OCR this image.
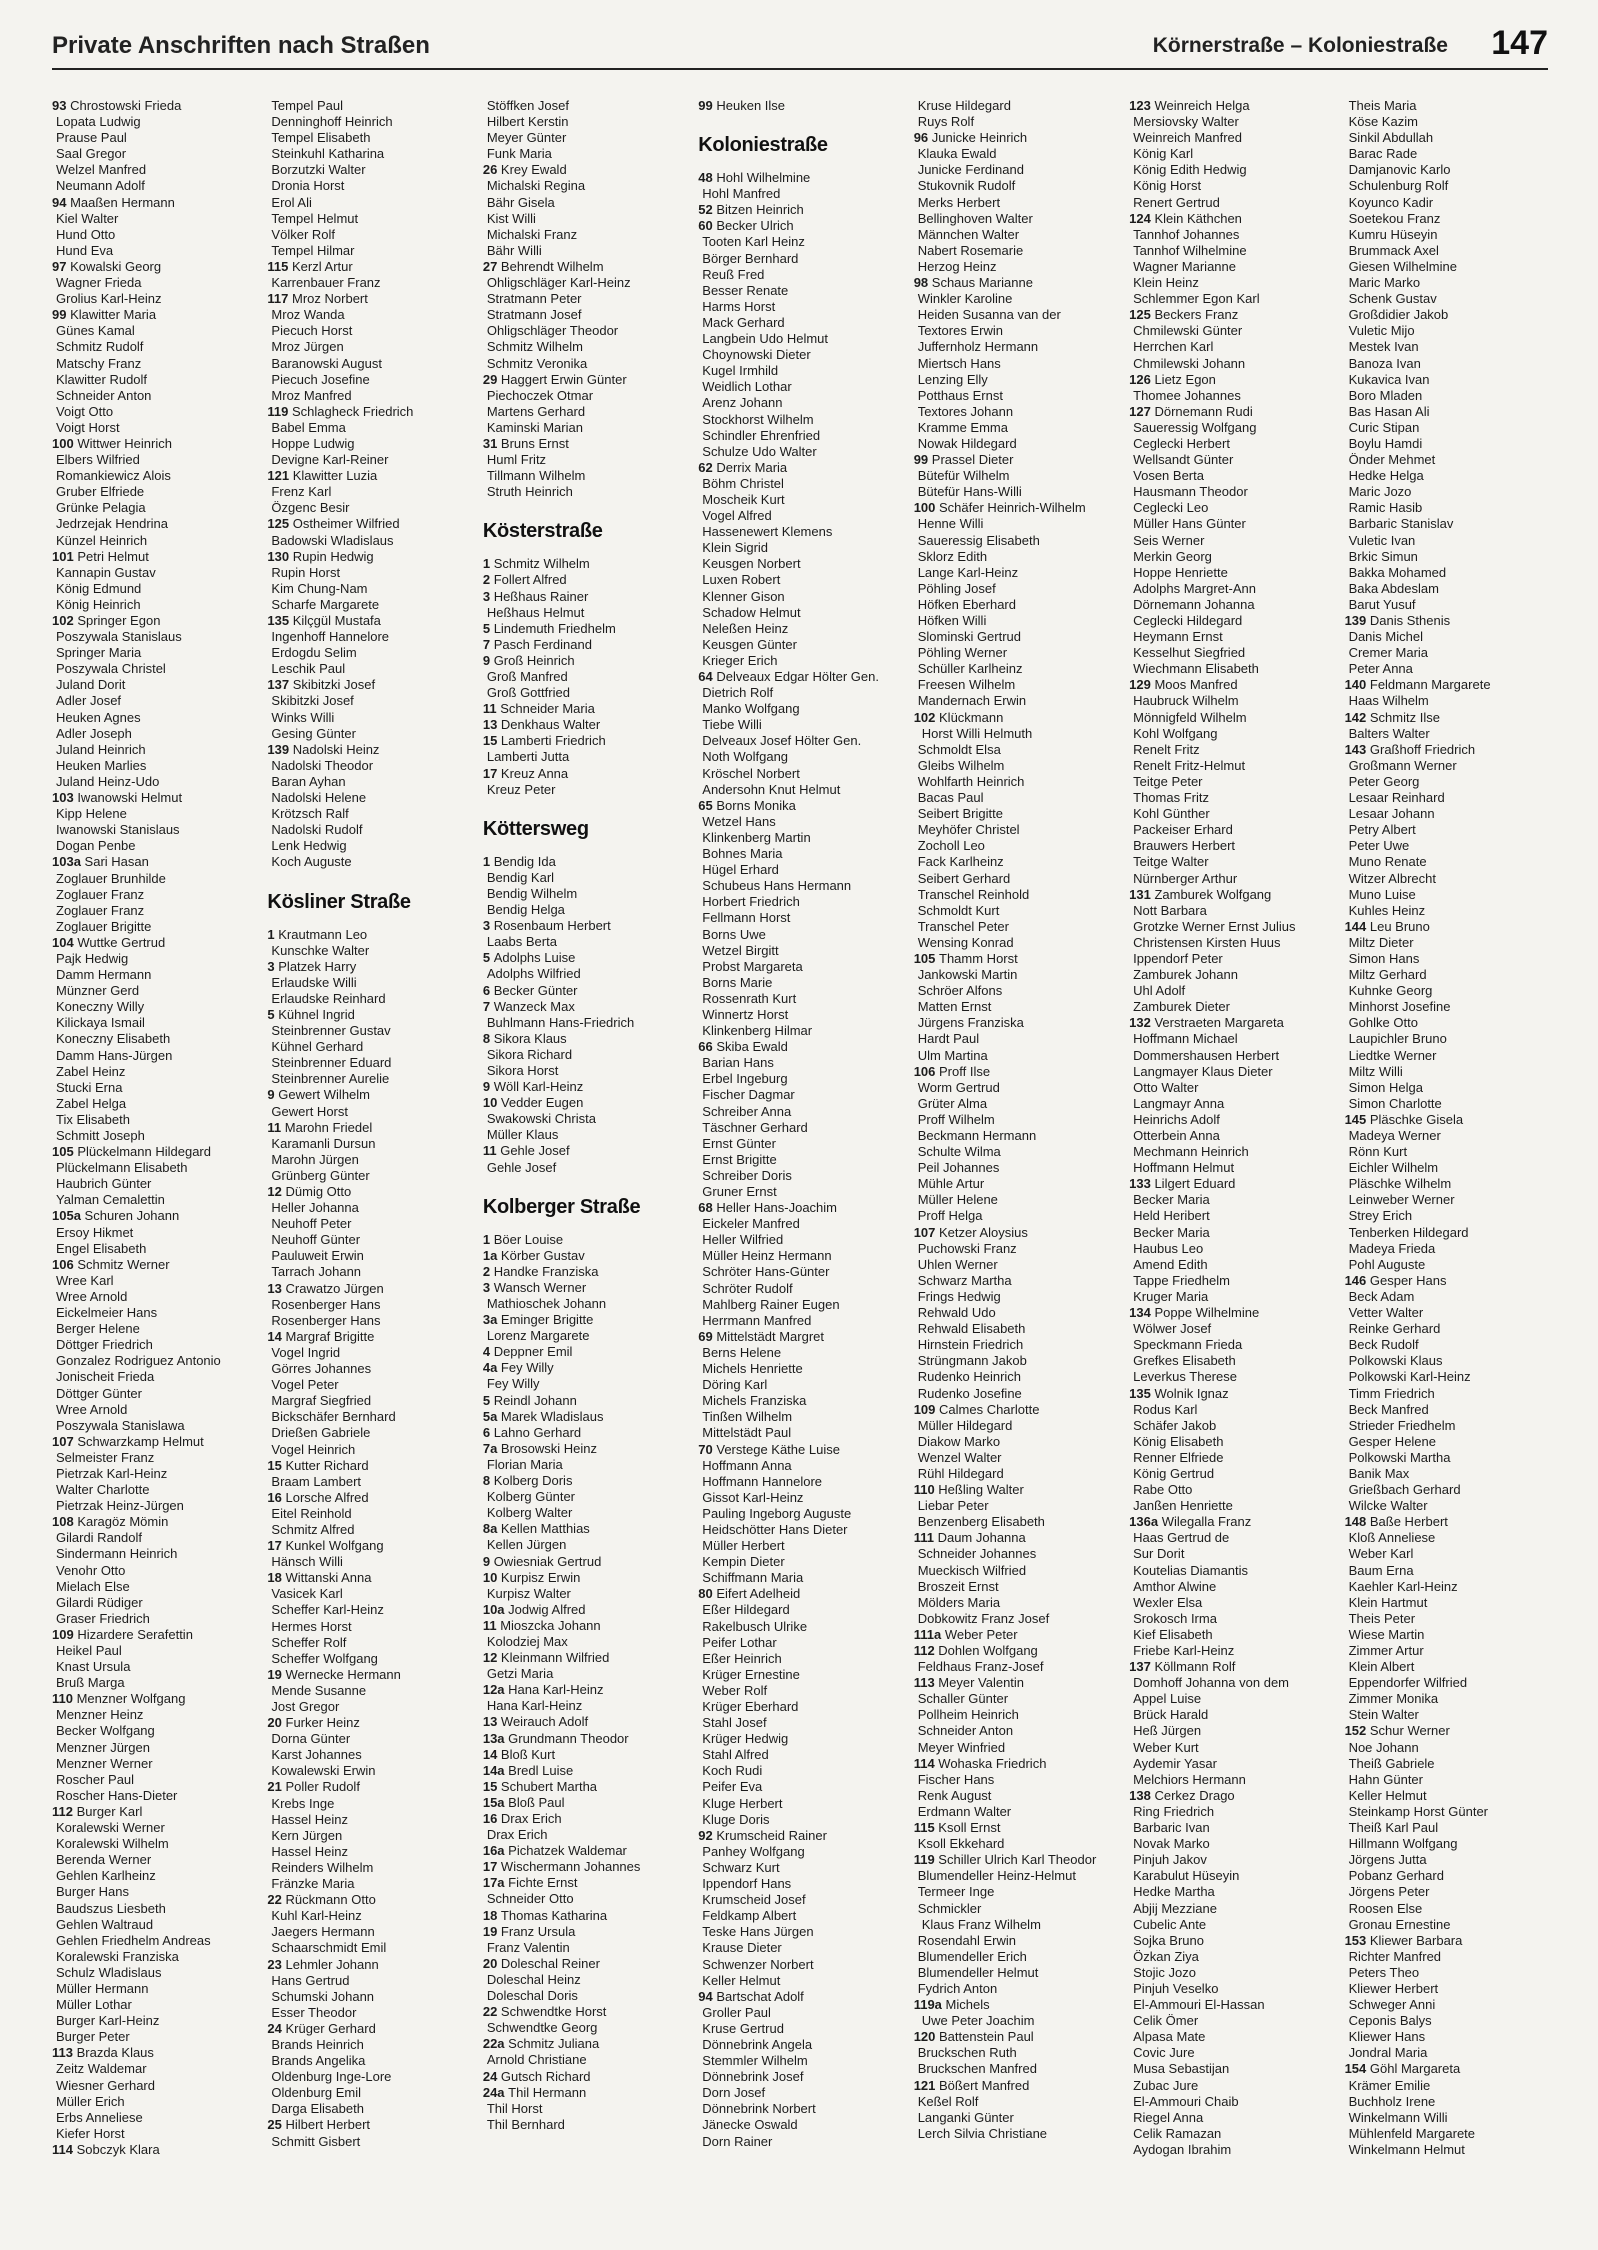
Private Anschriften nach Straßen	Körnerstraße – Koloniestraße 147
93 Chrostowski Frieda
Lopata Ludwig
Prause Paul
Saal Gregor
Welzel Manfred
Neumann Adolf
94 Maaßen Hermann
Kiel Walter
Hund Otto
Hund Eva
97 Kowalski Georg
Wagner Frieda
Grolius Karl-Heinz
99 Klawitter Maria
Günes Kamal
Schmitz Rudolf
Matschy Franz
Klawitter Rudolf
Schneider Anton
Voigt Otto
Voigt Horst
100 Wittwer Heinrich
Elbers Wilfried
Romankiewicz Alois
Gruber Elfriede
Grünke Pelagia
Jedrzejak Hendrina
Künzel Heinrich
101 Petri Helmut
Kannapin Gustav
König Edmund
König Heinrich
102 Springer Egon
Poszywala Stanislaus
Springer Maria
Poszywala Christel
Juland Dorit
Adler Josef
Heuken Agnes
Adler Joseph
Juland Heinrich
Heuken Marlies
Juland Heinz-Udo
103 Iwanowski Helmut
Kipp Helene
Iwanowski Stanislaus
Dogan Penbe
103a Sari Hasan
Zoglauer Brunhilde
Zoglauer Franz
Zoglauer Franz
Zoglauer Brigitte
104 Wuttke Gertrud
Pajk Hedwig
Damm Hermann
Münzner Gerd
Koneczny Willy
Kilickaya Ismail
Koneczny Elisabeth
Damm Hans-Jürgen
Zabel Heinz
Stucki Erna
Zabel Helga
Tix Elisabeth
Schmitt Joseph
105 Plückelmann Hildegard
Plückelmann Elisabeth
Haubrich Günter
Yalman Cemalettin
105a Schuren Johann
Ersoy Hikmet
Engel Elisabeth
106 Schmitz Werner
Wree Karl
Wree Arnold
Eickelmeier Hans
Berger Helene
Döttger Friedrich
Gonzalez Rodriguez Antonio
Jonischeit Frieda
Döttger Günter
Wree Arnold
Poszywala Stanislawa
107 Schwarzkamp Helmut
Selmeister Franz
Pietrzak Karl-Heinz
Walter Charlotte
Pietrzak Heinz-Jürgen
108 Karagöz Mömin
Gilardi Randolf
Sindermann Heinrich
Venohr Otto
Mielach Else
Gilardi Rüdiger
Graser Friedrich
109 Hizardere Serafettin
Heikel Paul
Knast Ursula
Bruß Marga
110 Menzner Wolfgang
Menzner Heinz
Becker Wolfgang
Menzner Jürgen
Menzner Werner
Roscher Paul
Roscher Hans-Dieter
112 Burger Karl
Koralewski Werner
Koralewski Wilhelm
Berenda Werner
Gehlen Karlheinz
Burger Hans
Baudszus Liesbeth
Gehlen Waltraud
Gehlen Friedhelm Andreas
Koralewski Franziska
Schulz Wladislaus
Müller Hermann
Müller Lothar
Burger Karl-Heinz
Burger Peter
113 Brazda Klaus
Zeitz Waldemar
Wiesner Gerhard
Müller Erich
Erbs Anneliese
Kiefer Horst
114 Sobczyk Klara
Tempel Paul
Denninghoff Heinrich
Tempel Elisabeth
Steinkuhl Katharina
Borzutzki Walter
Dronia Horst
Erol Ali
Tempel Helmut
Völker Rolf
Tempel Hilmar
115 Kerzl Artur
Karrenbauer Franz
117 Mroz Norbert
Mroz Wanda
Piecuch Horst
Mroz Jürgen
Baranowski August
Piecuch Josefine
Mroz Manfred
119 Schlagheck Friedrich
Babel Emma
Hoppe Ludwig
Devigne Karl-Reiner
121 Klawitter Luzia
Frenz Karl
Özgenc Besir
125 Ostheimer Wilfried
Badowski Wladislaus
130 Rupin Hedwig
Rupin Horst
Kim Chung-Nam
Scharfe Margarete
135 Kilçgül Mustafa
Ingenhoff Hannelore
Erdogdu Selim
Leschik Paul
137 Skibitzki Josef
Skibitzki Josef
Winks Willi
Gesing Günter
139 Nadolski Heinz
Nadolski Theodor
Baran Ayhan
Nadolski Helene
Krötzsch Ralf
Nadolski Rudolf
Lenk Hedwig
Koch Auguste
Kösliner Straße
1 Krautmann Leo
Kunschke Walter
3 Platzek Harry
Erlaudske Willi
Erlaudske Reinhard
5 Kühnel Ingrid
Steinbrenner Gustav
Kühnel Gerhard
Steinbrenner Eduard
Steinbrenner Aurelie
9 Gewert Wilhelm
Gewert Horst
11 Marohn Friedel
Karamanli Dursun
Marohn Jürgen
Grünberg Günter
12 Dümig Otto
Heller Johanna
Neuhoff Peter
Neuhoff Günter
Pauluweit Erwin
Tarrach Johann
13 Crawatzo Jürgen
Rosenberger Hans
Rosenberger Hans
14 Margraf Brigitte
Vogel Ingrid
Görres Johannes
Vogel Peter
Margraf Siegfried
Bickschäfer Bernhard
Drießen Gabriele
Vogel Heinrich
15 Kutter Richard
Braam Lambert
16 Lorsche Alfred
Eitel Reinhold
Schmitz Alfred
17 Kunkel Wolfgang
Hänsch Willi
18 Wittanski Anna
Vasicek Karl
Scheffer Karl-Heinz
Hermes Horst
Scheffer Rolf
Scheffer Wolfgang
19 Wernecke Hermann
Mende Susanne
Jost Gregor
20 Furker Heinz
Dorna Günter
Karst Johannes
Kowalewski Erwin
21 Poller Rudolf
Krebs Inge
Hassel Heinz
Kern Jürgen
Hassel Heinz
Reinders Wilhelm
Fränzke Maria
22 Rückmann Otto
Kuhl Karl-Heinz
Jaegers Hermann
Schaarschmidt Emil
23 Lehmler Johann
Hans Gertrud
Schumski Johann
Esser Theodor
24 Krüger Gerhard
Brands Heinrich
Brands Angelika
Oldenburg Inge-Lore
Oldenburg Emil
Darga Elisabeth
25 Hilbert Herbert
Schmitt Gisbert
Stöffken Josef
Hilbert Kerstin
Meyer Günter
Funk Maria
26 Krey Ewald
Michalski Regina
Bähr Gisela
Kist Willi
Michalski Franz
Bähr Willi
27 Behrendt Wilhelm
Ohligschläger Karl-Heinz
Stratmann Peter
Stratmann Josef
Ohligschläger Theodor
Schmitz Wilhelm
Schmitz Veronika
29 Haggert Erwin Günter
Piechoczek Otmar
Martens Gerhard
Kaminski Marian
31 Bruns Ernst
Huml Fritz
Tillmann Wilhelm
Struth Heinrich
Kösterstraße
1 Schmitz Wilhelm
2 Follert Alfred
3 Heßhaus Rainer
Heßhaus Helmut
5 Lindemuth Friedhelm
7 Pasch Ferdinand
9 Groß Heinrich
Groß Manfred
Groß Gottfried
11 Schneider Maria
13 Denkhaus Walter
15 Lamberti Friedrich
Lamberti Jutta
17 Kreuz Anna
Kreuz Peter
Köttersweg
1 Bendig Ida
Bendig Karl
Bendig Wilhelm
Bendig Helga
3 Rosenbaum Herbert
Laabs Berta
5 Adolphs Luise
Adolphs Wilfried
6 Becker Günter
7 Wanzeck Max
Buhlmann Hans-Friedrich
8 Sikora Klaus
Sikora Richard
Sikora Horst
9 Wöll Karl-Heinz
10 Vedder Eugen
Swakowski Christa
Müller Klaus
11 Gehle Josef
Gehle Josef
Kolberger Straße
1 Böer Louise
1a Körber Gustav
2 Handke Franziska
3 Wansch Werner
Mathioschek Johann
3a Eminger Brigitte
Lorenz Margarete
4 Deppner Emil
4a Fey Willy
Fey Willy
5 Reindl Johann
5a Marek Wladislaus
6 Lahno Gerhard
7a Brosowski Heinz
Florian Maria
8 Kolberg Doris
Kolberg Günter
Kolberg Walter
8a Kellen Matthias
Kellen Jürgen
9 Owiesniak Gertrud
10 Kurpisz Erwin
Kurpisz Walter
10a Jodwig Alfred
11 Mioszcka Johann
Kolodziej Max
12 Kleinmann Wilfried
Getzi Maria
12a Hana Karl-Heinz
Hana Karl-Heinz
13 Weirauch Adolf
13a Grundmann Theodor
14 Bloß Kurt
14a Bredl Luise
15 Schubert Martha
15a Bloß Paul
16 Drax Erich
Drax Erich
16a Pichatzek Waldemar
17 Wischermann Johannes
17a Fichte Ernst
Schneider Otto
18 Thomas Katharina
19 Franz Ursula
Franz Valentin
20 Doleschal Reiner
Doleschal Heinz
Doleschal Doris
22 Schwendtke Horst
Schwendtke Georg
22a Schmitz Juliana
Arnold Christiane
24 Gutsch Richard
24a Thil Hermann
Thil Horst
Thil Bernhard
99 Heuken Ilse
Koloniestraße
48 Hohl Wilhelmine
Hohl Manfred
52 Bitzen Heinrich
60 Becker Ulrich
Tooten Karl Heinz
Börger Bernhard
Reuß Fred
Besser Renate
Harms Horst
Mack Gerhard
Langbein Udo Helmut
Choynowski Dieter
Kugel Irmhild
Weidlich Lothar
Arenz Johann
Stockhorst Wilhelm
Schindler Ehrenfried
Schulze Udo Walter
62 Derrix Maria
Böhm Christel
Moscheik Kurt
Vogel Alfred
Hassenewert Klemens
Klein Sigrid
Keusgen Norbert
Luxen Robert
Klenner Gison
Schadow Helmut
Neleßen Heinz
Keusgen Günter
Krieger Erich
64 Delveaux Edgar Hölter Gen.
Dietrich Rolf
Manko Wolfgang
Tiebe Willi
Delveaux Josef Hölter Gen.
Noth Wolfgang
Kröschel Norbert
Andersohn Knut Helmut
65 Borns Monika
Wetzel Hans
Klinkenberg Martin
Bohnes Maria
Hügel Erhard
Schubeus Hans Hermann
Horbert Friedrich
Fellmann Horst
Borns Uwe
Wetzel Birgitt
Probst Margareta
Borns Marie
Rossenrath Kurt
Winnertz Horst
Klinkenberg Hilmar
66 Skiba Ewald
Barian Hans
Erbel Ingeburg
Fischer Dagmar
Schreiber Anna
Täschner Gerhard
Ernst Günter
Ernst Brigitte
Schreiber Doris
Gruner Ernst
68 Heller Hans-Joachim
Eickeler Manfred
Heller Wilfried
Müller Heinz Hermann
Schröter Hans-Günter
Schröter Rudolf
Mahlberg Rainer Eugen
Herrmann Manfred
69 Mittelstädt Margret
Berns Helene
Michels Henriette
Döring Karl
Michels Franziska
Tinßen Wilhelm
Mittelstädt Paul
70 Verstege Käthe Luise
Hoffmann Anna
Hoffmann Hannelore
Gissot Karl-Heinz
Pauling Ingeborg Auguste
Heidschötter Hans Dieter
Müller Herbert
Kempin Dieter
Schiffmann Maria
80 Eifert Adelheid
Eßer Hildegard
Rakelbusch Ulrike
Peifer Lothar
Eßer Heinrich
Krüger Ernestine
Weber Rolf
Krüger Eberhard
Stahl Josef
Krüger Hedwig
Stahl Alfred
Koch Rudi
Peifer Eva
Kluge Herbert
Kluge Doris
92 Krumscheid Rainer
Panhey Wolfgang
Schwarz Kurt
Ippendorf Hans
Krumscheid Josef
Feldkamp Albert
Teske Hans Jürgen
Krause Dieter
Schwenzer Norbert
Keller Helmut
94 Bartschat Adolf
Groller Paul
Kruse Gertrud
Dönnebrink Angela
Stemmler Wilhelm
Dönnebrink Josef
Dorn Josef
Dönnebrink Norbert
Jänecke Oswald
Dorn Rainer
Kruse Hildegard
Ruys Rolf
96 Junicke Heinrich
Klauka Ewald
Junicke Ferdinand
Stukovnik Rudolf
Merks Herbert
Bellinghoven Walter
Männchen Walter
Nabert Rosemarie
Herzog Heinz
98 Schaus Marianne
Winkler Karoline
Heiden Susanna van der
Textores Erwin
Juffernholz Hermann
Miertsch Hans
Lenzing Elly
Potthaus Ernst
Textores Johann
Kramme Emma
Nowak Hildegard
99 Prassel Dieter
Bütefür Wilhelm
Bütefür Hans-Willi
100 Schäfer Heinrich-Wilhelm
Henne Willi
Saueressig Elisabeth
Sklorz Edith
Lange Karl-Heinz
Pöhling Josef
Höfken Eberhard
Höfken Willi
Slominski Gertrud
Pöhling Werner
Schüller Karlheinz
Freesen Wilhelm
Mandernach Erwin
102 Klückmann
Horst Willi Helmuth
Schmoldt Elsa
Gleibs Wilhelm
Wohlfarth Heinrich
Bacas Paul
Seibert Brigitte
Meyhöfer Christel
Zocholl Leo
Fack Karlheinz
Seibert Gerhard
Transchel Reinhold
Schmoldt Kurt
Transchel Peter
Wensing Konrad
105 Thamm Horst
Jankowski Martin
Schröer Alfons
Matten Ernst
Jürgens Franziska
Hardt Paul
Ulm Martina
106 Proff Ilse
Worm Gertrud
Grüter Alma
Proff Wilhelm
Beckmann Hermann
Schulte Wilma
Peil Johannes
Mühle Artur
Müller Helene
Proff Helga
107 Ketzer Aloysius
Puchowski Franz
Uhlen Werner
Schwarz Martha
Frings Hedwig
Rehwald Udo
Rehwald Elisabeth
Hirnstein Friedrich
Strüngmann Jakob
Rudenko Heinrich
Rudenko Josefine
109 Calmes Charlotte
Müller Hildegard
Diakow Marko
Wenzel Walter
Rühl Hildegard
110 Heßling Walter
Liebar Peter
Benzenberg Elisabeth
111 Daum Johanna
Schneider Johannes
Mueckisch Wilfried
Broszeit Ernst
Mölders Maria
Dobkowitz Franz Josef
111a Weber Peter
112 Dohlen Wolfgang
Feldhaus Franz-Josef
113 Meyer Valentin
Schaller Günter
Pollheim Heinrich
Schneider Anton
Meyer Winfried
114 Wohaska Friedrich
Fischer Hans
Renk August
Erdmann Walter
115 Ksoll Ernst
Ksoll Ekkehard
119 Schiller Ulrich Karl Theodor
Blumendeller Heinz-Helmut
Termeer Inge
Schmickler
Klaus Franz Wilhelm
Rosendahl Erwin
Blumendeller Erich
Blumendeller Helmut
Fydrich Anton
119a Michels
Uwe Peter Joachim
120 Battenstein Paul
Bruckschen Ruth
Bruckschen Manfred
121 Bößert Manfred
Keßel Rolf
Langanki Günter
Lerch Silvia Christiane
123 Weinreich Helga
Mersiovsky Walter
Weinreich Manfred
König Karl
König Edith Hedwig
König Horst
Renert Gertrud
124 Klein Käthchen
Tannhof Johannes
Tannhof Wilhelmine
Wagner Marianne
Klein Heinz
Schlemmer Egon Karl
125 Beckers Franz
Chmilewski Günter
Herrchen Karl
Chmilewski Johann
126 Lietz Egon
Thomee Johannes
127 Dörnemann Rudi
Saueressig Wolfgang
Ceglecki Herbert
Wellsandt Günter
Vosen Berta
Hausmann Theodor
Ceglecki Leo
Müller Hans Günter
Seis Werner
Merkin Georg
Hoppe Henriette
Adolphs Margret-Ann
Dörnemann Johanna
Ceglecki Hildegard
Heymann Ernst
Kesselhut Siegfried
Wiechmann Elisabeth
129 Moos Manfred
Haubruck Wilhelm
Mönnigfeld Wilhelm
Kohl Wolfgang
Renelt Fritz
Renelt Fritz-Helmut
Teitge Peter
Thomas Fritz
Kohl Günther
Packeiser Erhard
Brauwers Herbert
Teitge Walter
Nürnberger Arthur
131 Zamburek Wolfgang
Nott Barbara
Grotzke Werner Ernst Julius
Christensen Kirsten Huus
Ippendorf Peter
Zamburek Johann
Uhl Adolf
Zamburek Dieter
132 Verstraeten Margareta
Hoffmann Michael
Dommershausen Herbert
Langmayer Klaus Dieter
Otto Walter
Langmayr Anna
Heinrichs Adolf
Otterbein Anna
Mechmann Heinrich
Hoffmann Helmut
133 Lilgert Eduard
Becker Maria
Held Heribert
Becker Maria
Haubus Leo
Amend Edith
Tappe Friedhelm
Kruger Maria
134 Poppe Wilhelmine
Wölwer Josef
Speckmann Frieda
Grefkes Elisabeth
Leverkus Therese
135 Wolnik Ignaz
Rodus Karl
Schäfer Jakob
König Elisabeth
Renner Elfriede
König Gertrud
Rabe Otto
Janßen Henriette
136a Wilegalla Franz
Haas Gertrud de
Sur Dorit
Koutelias Diamantis
Amthor Alwine
Wexler Elsa
Srokosch Irma
Kief Elisabeth
Friebe Karl-Heinz
137 Köllmann Rolf
Domhoff Johanna von dem
Appel Luise
Brück Harald
Heß Jürgen
Weber Kurt
Aydemir Yasar
Melchiors Hermann
138 Cerkez Drago
Ring Friedrich
Barbaric Ivan
Novak Marko
Pinjuh Jakov
Karabulut Hüseyin
Hedke Martha
Abjij Mezziane
Cubelic Ante
Sojka Bruno
Özkan Ziya
Stojic Jozo
Pinjuh Veselko
El-Ammouri El-Hassan
Celik Ömer
Alpasa Mate
Covic Jure
Musa Sebastijan
Zubac Jure
El-Ammouri Chaib
Riegel Anna
Celik Ramazan
Aydogan Ibrahim
Theis Maria
Köse Kazim
Sinkil Abdullah
Barac Rade
Damjanovic Karlo
Schulenburg Rolf
Koyunco Kadir
Soetekou Franz
Kumru Hüseyin
Brummack Axel
Giesen Wilhelmine
Maric Marko
Schenk Gustav
Großdidier Jakob
Vuletic Mijo
Mestek Ivan
Banoza Ivan
Kukavica Ivan
Boro Mladen
Bas Hasan Ali
Curic Stipan
Boylu Hamdi
Önder Mehmet
Hedke Helga
Maric Jozo
Ramic Hasib
Barbaric Stanislav
Vuletic Ivan
Brkic Simun
Bakka Mohamed
Baka Abdeslam
Barut Yusuf
139 Danis Sthenis
Danis Michel
Cremer Maria
Peter Anna
140 Feldmann Margarete
Haas Wilhelm
142 Schmitz Ilse
Balters Walter
143 Graßhoff Friedrich
Großmann Werner
Peter Georg
Lesaar Reinhard
Lesaar Johann
Petry Albert
Peter Uwe
Muno Renate
Witzer Albrecht
Muno Luise
Kuhles Heinz
144 Leu Bruno
Miltz Dieter
Simon Hans
Miltz Gerhard
Kuhnke Georg
Minhorst Josefine
Gohlke Otto
Laupichler Bruno
Liedtke Werner
Miltz Willi
Simon Helga
Simon Charlotte
145 Pläschke Gisela
Madeya Werner
Rönn Kurt
Eichler Wilhelm
Pläschke Wilhelm
Leinweber Werner
Strey Erich
Tenberken Hildegard
Madeya Frieda
Pohl Auguste
146 Gesper Hans
Beck Adam
Vetter Walter
Reinke Gerhard
Beck Rudolf
Polkowski Klaus
Polkowski Karl-Heinz
Timm Friedrich
Beck Manfred
Strieder Friedhelm
Gesper Helene
Polkowski Martha
Banik Max
Grießbach Gerhard
Wilcke Walter
148 Baße Herbert
Kloß Anneliese
Weber Karl
Baum Erna
Kaehler Karl-Heinz
Klein Hartmut
Theis Peter
Wiese Martin
Zimmer Artur
Klein Albert
Eppendorfer Wilfried
Zimmer Monika
Stein Walter
152 Schur Werner
Noe Johann
Theiß Gabriele
Hahn Günter
Keller Helmut
Steinkamp Horst Günter
Theiß Karl Paul
Hillmann Wolfgang
Jörgens Jutta
Pobanz Gerhard
Jörgens Peter
Roosen Else
Gronau Ernestine
153 Kliewer Barbara
Richter Manfred
Peters Theo
Kliewer Herbert
Schweger Anni
Ceponis Balys
Kliewer Hans
Jondral Maria
154 Göhl Margareta
Krämer Emilie
Buchholz Irene
Winkelmann Willi
Mühlenfeld Margarete
Winkelmann Helmut
